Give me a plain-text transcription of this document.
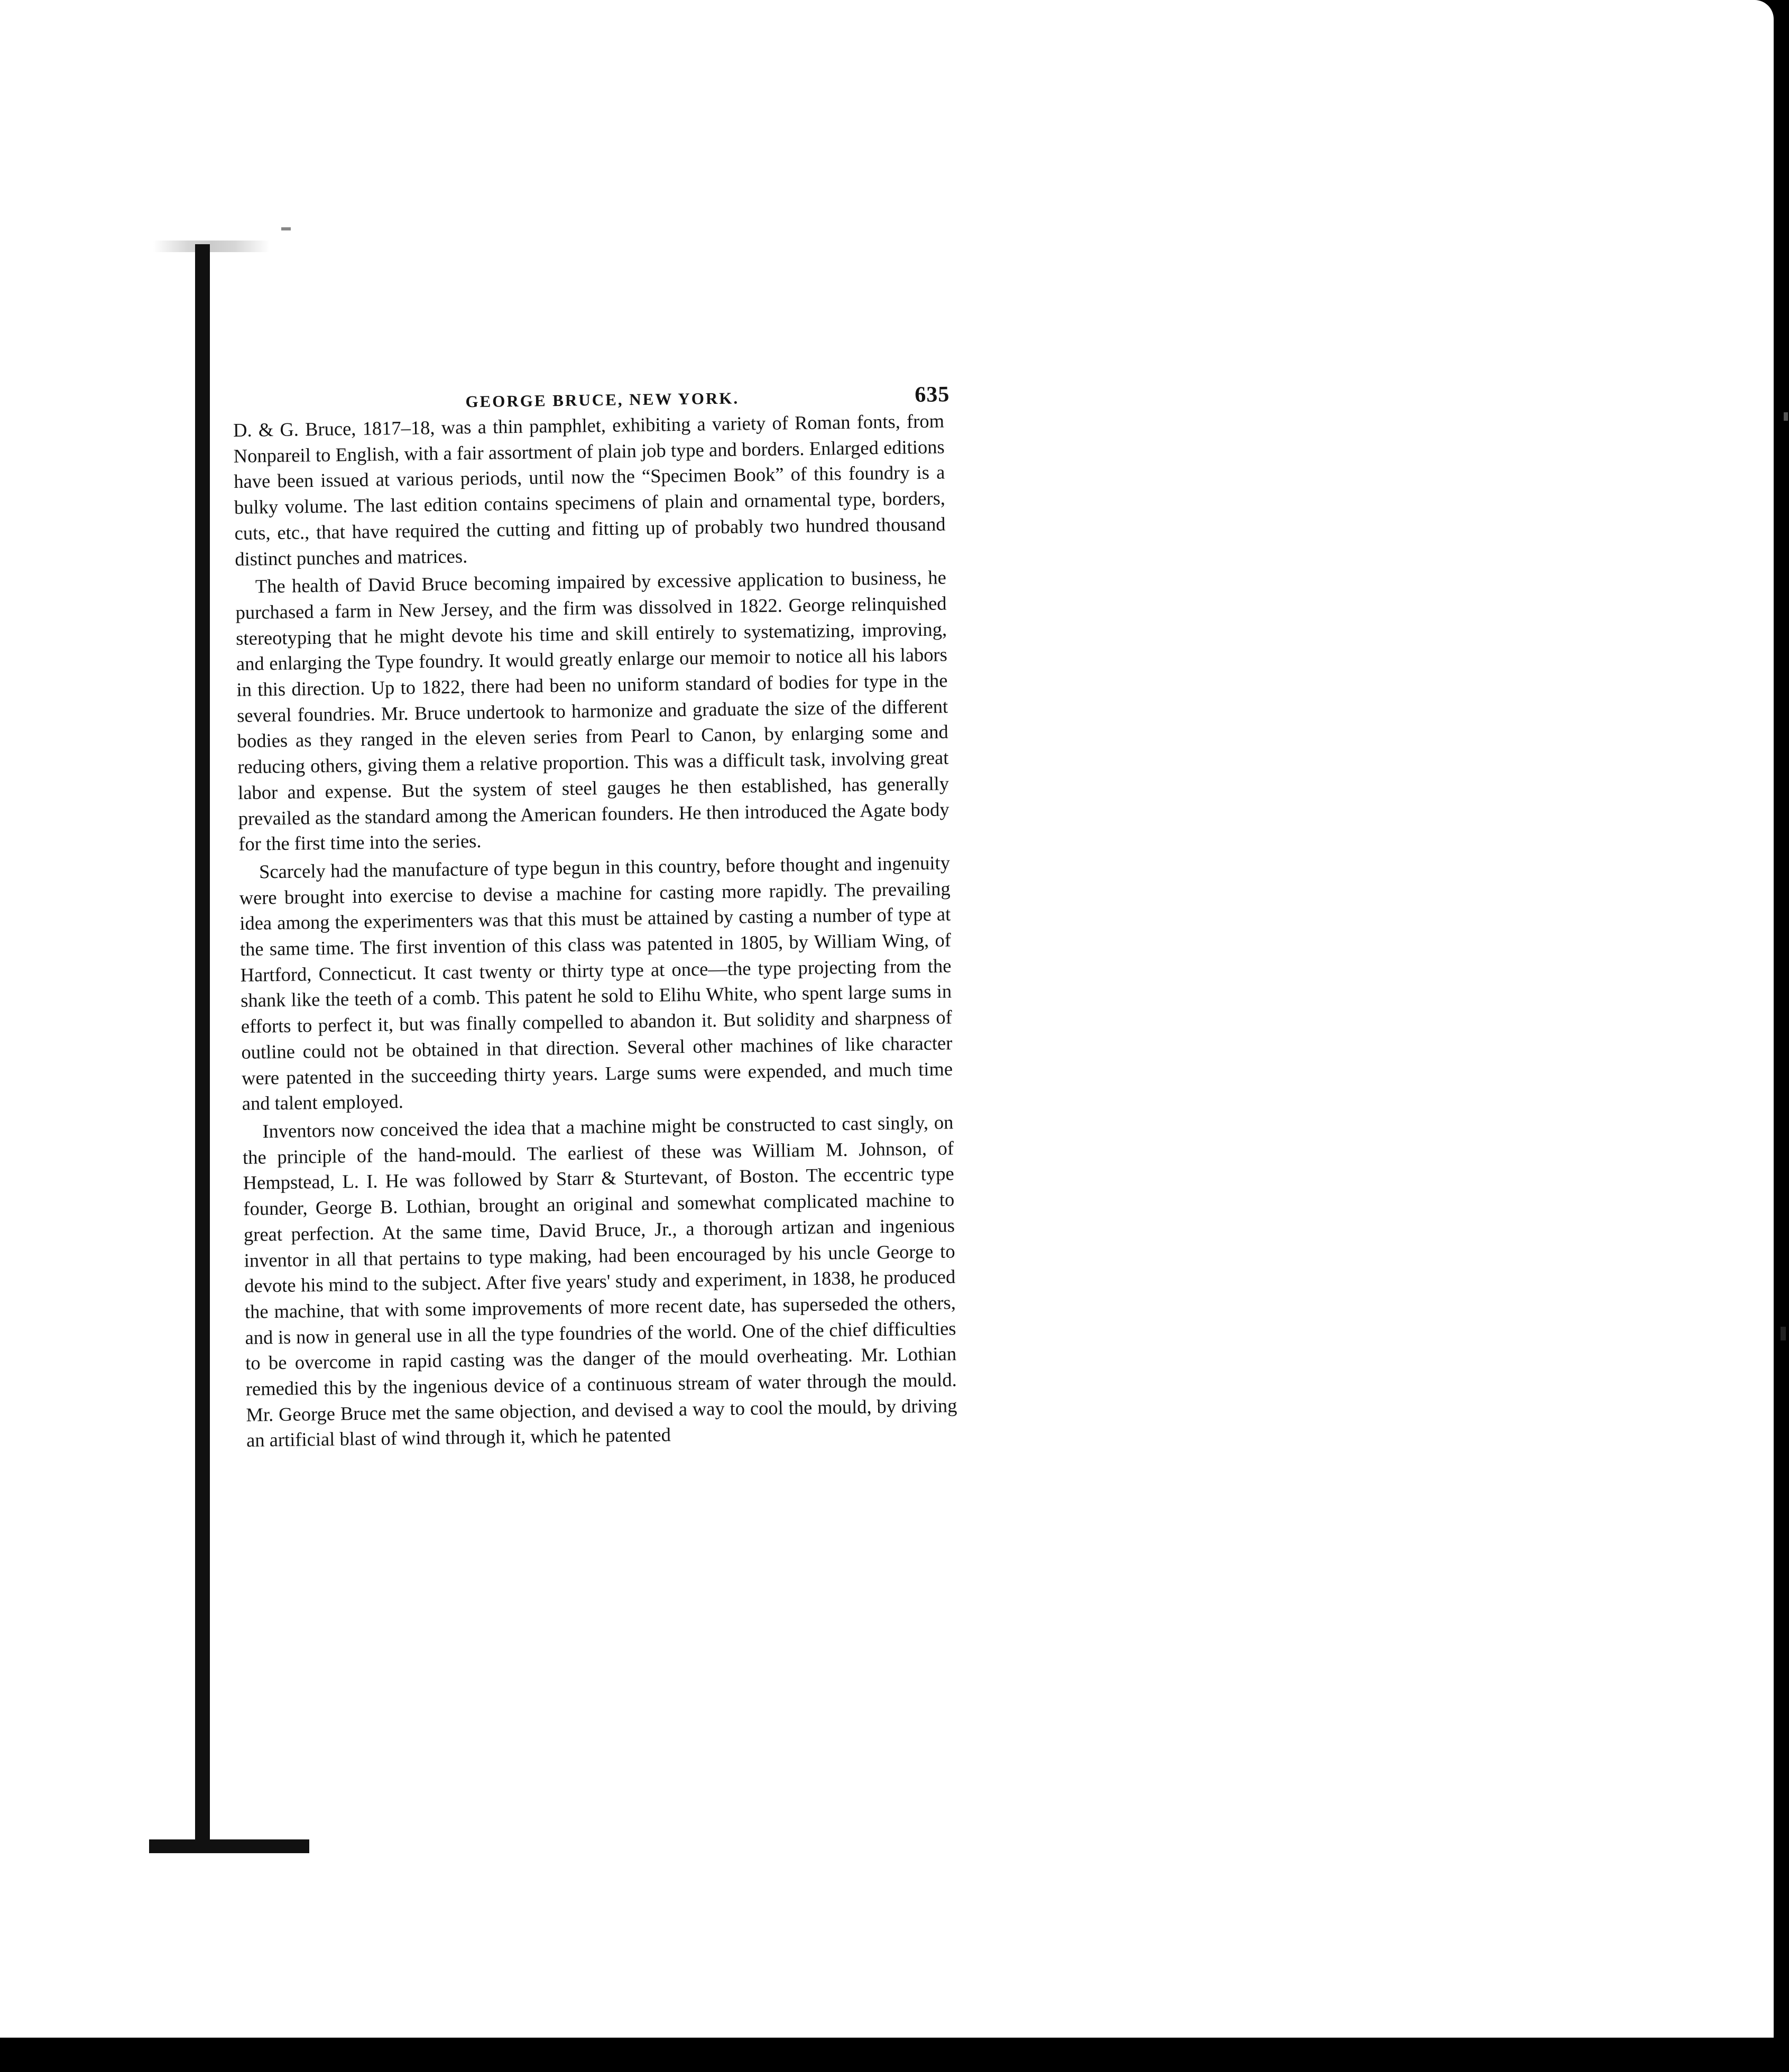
GEORGE BRUCE, NEW YORK.	635

D. & G. Bruce, 1817–18, was a thin pamphlet, exhibiting a variety of Roman fonts, from Nonpareil to English, with a fair assortment of plain job type and borders. Enlarged editions have been issued at various periods, until now the “Specimen Book” of this foundry is a bulky volume. The last edition contains specimens of plain and ornamental type, borders, cuts, etc., that have required the cutting and fitting up of probably two hundred thousand distinct punches and matrices.

The health of David Bruce becoming impaired by excessive application to business, he purchased a farm in New Jersey, and the firm was dissolved in 1822. George relinquished stereotyping that he might devote his time and skill entirely to systematizing, improving, and enlarging the Type foundry. It would greatly enlarge our memoir to notice all his labors in this direction. Up to 1822, there had been no uniform standard of bodies for type in the several foundries. Mr. Bruce undertook to harmonize and graduate the size of the different bodies as they ranged in the eleven series from Pearl to Canon, by enlarging some and reducing others, giving them a relative proportion. This was a difficult task, involving great labor and expense. But the system of steel gauges he then established, has generally prevailed as the standard among the American founders. He then introduced the Agate body for the first time into the series.

Scarcely had the manufacture of type begun in this country, before thought and ingenuity were brought into exercise to devise a machine for casting more rapidly. The prevailing idea among the experimenters was that this must be attained by casting a number of type at the same time. The first invention of this class was patented in 1805, by William Wing, of Hartford, Connecticut. It cast twenty or thirty type at once—the type projecting from the shank like the teeth of a comb. This patent he sold to Elihu White, who spent large sums in efforts to perfect it, but was finally compelled to abandon it. But solidity and sharpness of outline could not be obtained in that direction. Several other machines of like character were patented in the succeeding thirty years. Large sums were expended, and much time and talent employed.

Inventors now conceived the idea that a machine might be constructed to cast singly, on the principle of the hand-mould. The earliest of these was William M. Johnson, of Hempstead, L. I. He was followed by Starr & Sturtevant, of Boston. The eccentric type founder, George B. Lothian, brought an original and somewhat complicated machine to great perfection. At the same time, David Bruce, Jr., a thorough artizan and ingenious inventor in all that pertains to type making, had been encouraged by his uncle George to devote his mind to the subject. After five years' study and experiment, in 1838, he produced the machine, that with some improvements of more recent date, has superseded the others, and is now in general use in all the type foundries of the world. One of the chief difficulties to be overcome in rapid casting was the danger of the mould overheating. Mr. Lothian remedied this by the ingenious device of a continuous stream of water through the mould. Mr. George Bruce met the same objection, and devised a way to cool the mould, by driving an artificial blast of wind through it, which he patented
